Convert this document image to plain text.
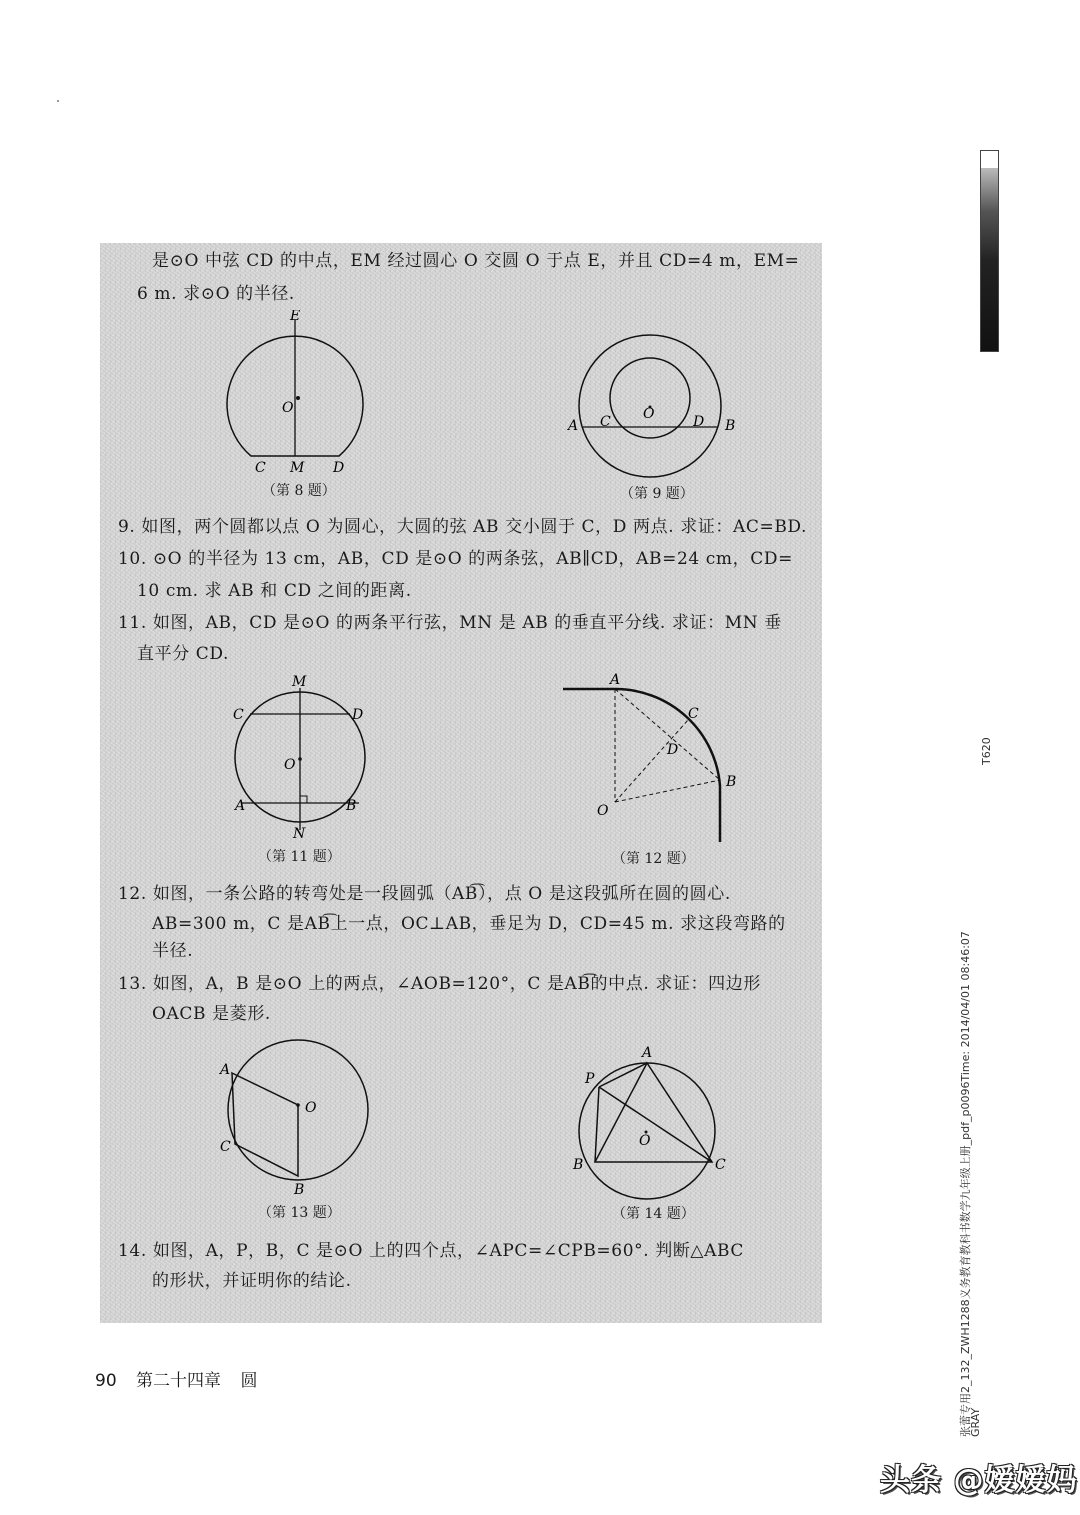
是⊙O 中弦 CD 的中点，EM 经过圆心 O 交圆 O 于点 E，并且 CD=4 m，EM=
6 m. 求⊙O 的半径.
E
O
C M D
（第 8 题）
O
A C	D B
（第 9 题）
9. 如图，两个圆都以点 O 为圆心，大圆的弦 AB 交小圆于 C，D 两点. 求证：AC=BD.
10. ⊙O 的半径为 13 cm，AB，CD 是⊙O 的两条弦，AB∥CD，AB=24 cm，CD=
10 cm. 求 AB 和 CD 之间的距离.
11. 如图，AB，CD 是⊙O 的两条平行弦，MN 是 AB 的垂直平分线. 求证：MN 垂
直平分 CD.
M
C	D
O
A	B
N
（第 11 题）
A
C
D
B
O
（第 12 题）
12. 如图，一条公路的转弯处是一段圆弧（AB͡），点 O 是这段弧所在圆的圆心.
AB=300 m，C 是AB͡上一点，OC⊥AB，垂足为 D，CD=45 m. 求这段弯路的
半径.
13. 如图，A，B 是⊙O 上的两点，∠AOB=120°，C 是AB͡的中点. 求证：四边形
OACB 是菱形.
A
O
C
B
（第 13 题）
A
P
O
B	C
（第 14 题）
14. 如图，A，P，B，C 是⊙O 上的四个点，∠APC=∠CPB=60°. 判断△ABC
的形状，并证明你的结论.
90 第二十四章 圆
T620
张蕾专用2_132_ZWH1288义务教育教科书数学九年级上册_pdf_p0096Time: 2014/04/01 08:46:07
GRAY
头条 @嫒嫒妈
